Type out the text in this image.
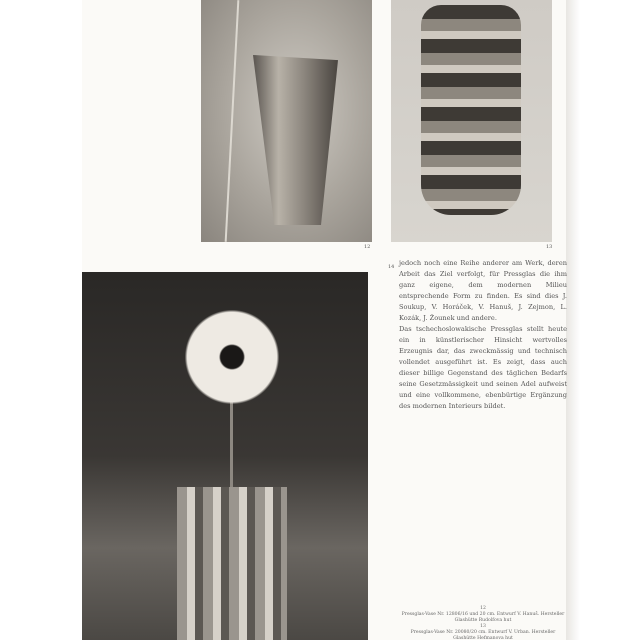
12	13
14 jedoch noch eine Reihe anderer am Werk, deren Arbeit das Ziel verfolgt, für Pressglas die ihm ganz eigene, dem modernen Milieu entsprechende Form zu finden. Es sind dies J. Soukup, V. Horáček, V. Hanuš, J. Zejmon, L. Kozák, J. Žounek und andere.

Das tschechoslowakische Pressglas stellt heute ein in künstlerischer Hinsicht wertvolles Erzeugnis dar, das zweckmässig und technisch vollendet ausgeführt ist. Es zeigt, dass auch dieser billige Gegenstand des täglichen Bedarfs seine Gesetzmässigkeit und seinen Adel aufweist und eine vollkommene, ebenbürtige Ergänzung des modernen Interieurs bildet.

12
Pressglas-Vase Nr. 12806/16 und 20 cm. Entwurf V. Hanuš. Hersteller Glashütte Rudolfova hut
13
Pressglas-Vase Nr. 20080/20 cm. Entwurf V. Urban. Hersteller Glashütte Hefmanova hut
